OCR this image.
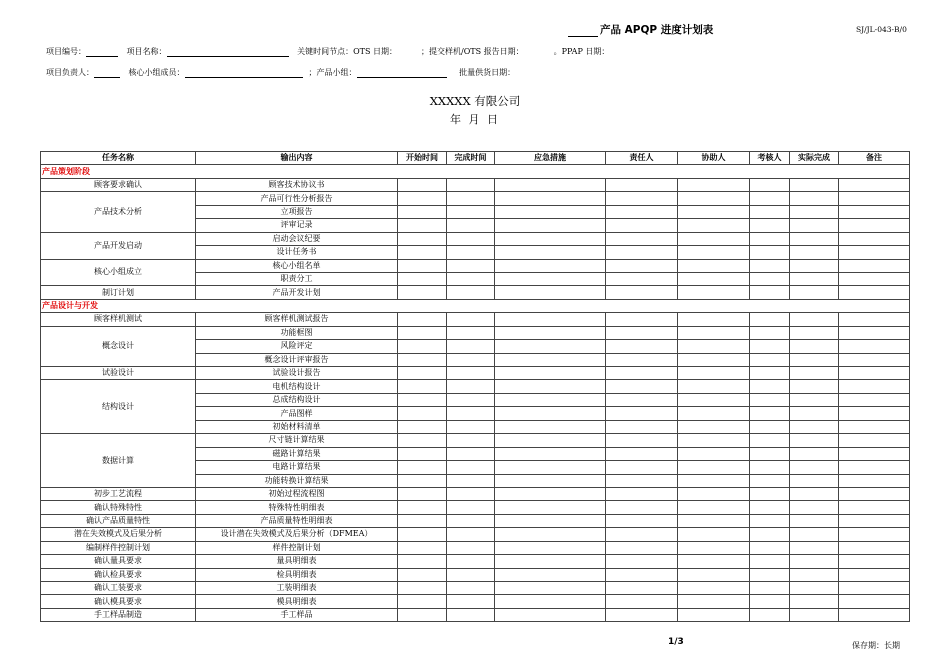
产品 APQP 进度计划表	SJ/JL-043-B/0
项目编号：	项目名称：	关键时间节点：OTS 日期：	；提交样机/OTS 报告日期：	。PPAP 日期：
项目负责人：	核心小组成员：	；产品小组：	批量供货日期：
XXXXX 有限公司
年 月 日
任务名称	输出内容	开始时间	完成时间	应急措施	责任人	协助人	考核人	实际完成	备注
产品策划阶段									
顾客要求确认	顾客技术协议书								
产品技术分析	产品可行性分析报告								
	立项报告								
	评审记录								
产品开发启动	启动会议纪要								
	设计任务书								
核心小组成立	核心小组名单								
	职责分工								
制订计划	产品开发计划								
产品设计与开发									
顾客样机测试	顾客样机测试报告								
概念设计	功能框图								
	风险评定								
	概念设计评审报告								
试验设计	试验设计报告								
结构设计	电机结构设计								
	总成结构设计								
	产品图样								
	初始材料清单								
数据计算	尺寸链计算结果								
	磁路计算结果								
	电路计算结果								
	功能转换计算结果								
初步工艺流程	初始过程流程图								
确认特殊特性	特殊特性明细表								
确认产品质量特性	产品质量特性明细表								
潜在失效模式及后果分析	设计潜在失效模式及后果分析（DFMEA）								
编制样件控制计划	样件控制计划								
确认量具要求	量具明细表								
确认检具要求	检具明细表								
确认工装要求	工装明细表								
确认模具要求	模具明细表								
手工样品制造	手工样品								
1/3	保存期：长期
